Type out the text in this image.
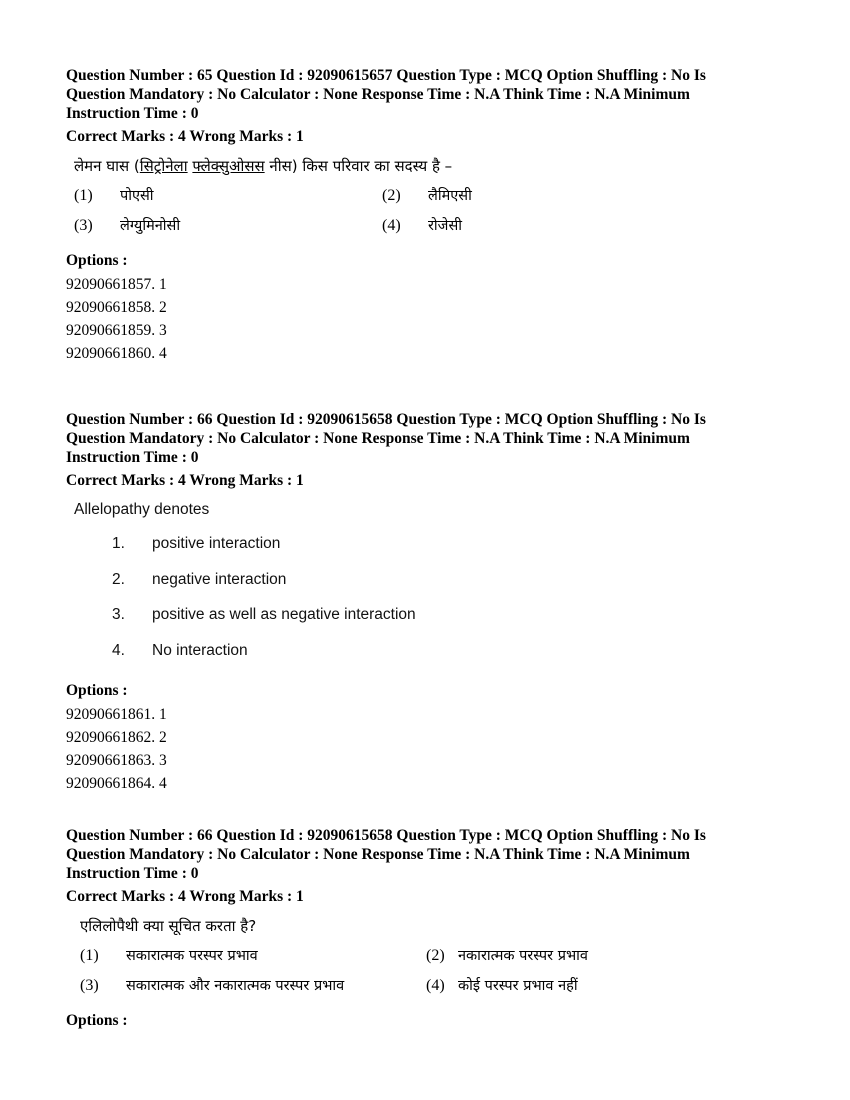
Question Number : 65 Question Id : 92090615657 Question Type : MCQ Option Shuffling : No Is
Question Mandatory : No Calculator : None Response Time : N.A Think Time : N.A Minimum
Instruction Time : 0
Correct Marks : 4 Wrong Marks : 1
लेमन घास (सिट्रोनेला फ्लेक्सुओसस नीस) किस परिवार का सदस्य है –
(1) पोएसी	(2) लैमिएसी
(3) लेग्युमिनोसी	(4) रोजेसी
Options :
92090661857. 1
92090661858. 2
92090661859. 3
92090661860. 4
Question Number : 66 Question Id : 92090615658 Question Type : MCQ Option Shuffling : No Is
Question Mandatory : No Calculator : None Response Time : N.A Think Time : N.A Minimum
Instruction Time : 0
Correct Marks : 4 Wrong Marks : 1
Allelopathy denotes
1. positive interaction
2. negative interaction
3. positive as well as negative interaction
4. No interaction
Options :
92090661861. 1
92090661862. 2
92090661863. 3
92090661864. 4
Question Number : 66 Question Id : 92090615658 Question Type : MCQ Option Shuffling : No Is
Question Mandatory : No Calculator : None Response Time : N.A Think Time : N.A Minimum
Instruction Time : 0
Correct Marks : 4 Wrong Marks : 1
एलिलोपैथी क्या सूचित करता है?
(1) सकारात्मक परस्पर प्रभाव	(2) नकारात्मक परस्पर प्रभाव
(3) सकारात्मक और नकारात्मक परस्पर प्रभाव	(4) कोई परस्पर प्रभाव नहीं
Options :
